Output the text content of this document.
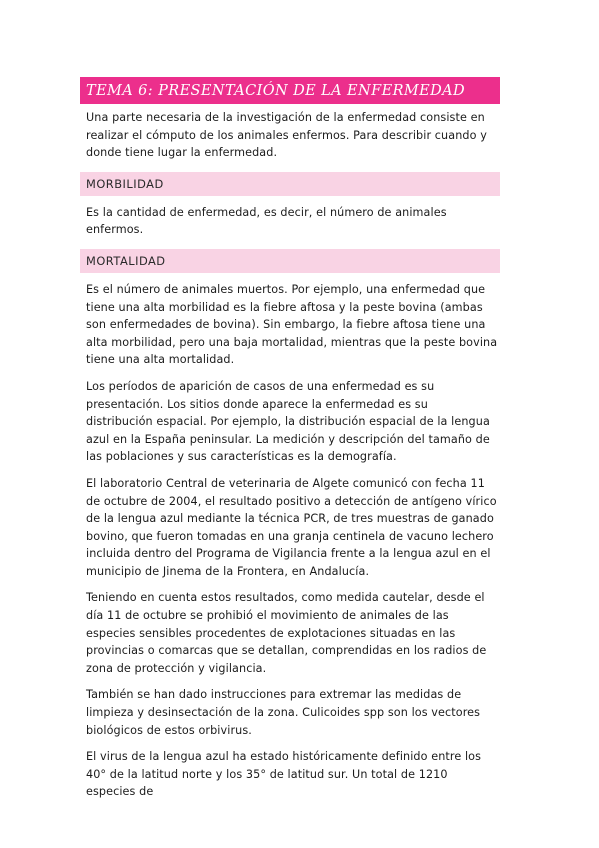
TEMA 6: PRESENTACIÓN DE LA ENFERMEDAD

Una parte necesaria de la investigación de la enfermedad consiste en realizar el cómputo de los animales enfermos. Para describir cuando y donde tiene lugar la enfermedad.

MORBILIDAD

Es la cantidad de enfermedad, es decir, el número de animales enfermos.

MORTALIDAD

Es el número de animales muertos. Por ejemplo, una enfermedad que tiene una alta morbilidad es la fiebre aftosa y la peste bovina (ambas son enfermedades de bovina). Sin embargo, la fiebre aftosa tiene una alta morbilidad, pero una baja mortalidad, mientras que la peste bovina tiene una alta mortalidad.

Los períodos de aparición de casos de una enfermedad es su presentación. Los sitios donde aparece la enfermedad es su distribución espacial. Por ejemplo, la distribución espacial de la lengua azul en la España peninsular. La medición y descripción del tamaño de las poblaciones y sus características es la demografía.

El laboratorio Central de veterinaria de Algete comunicó con fecha 11 de octubre de 2004, el resultado positivo a detección de antígeno vírico de la lengua azul mediante la técnica PCR, de tres muestras de ganado bovino, que fueron tomadas en una granja centinela de vacuno lechero incluida dentro del Programa de Vigilancia frente a la lengua azul en el municipio de Jinema de la Frontera, en Andalucía.

Teniendo en cuenta estos resultados, como medida cautelar, desde el día 11 de octubre se prohibió el movimiento de animales de las especies sensibles procedentes de explotaciones situadas en las provincias o comarcas que se detallan, comprendidas en los radios de zona de protección y vigilancia.

También se han dado instrucciones para extremar las medidas de limpieza y desinsectación de la zona. Culicoides spp son los vectores biológicos de estos orbivirus.

El virus de la lengua azul ha estado históricamente definido entre los 40° de la latitud norte y los 35° de latitud sur. Un total de 1210 especies de
